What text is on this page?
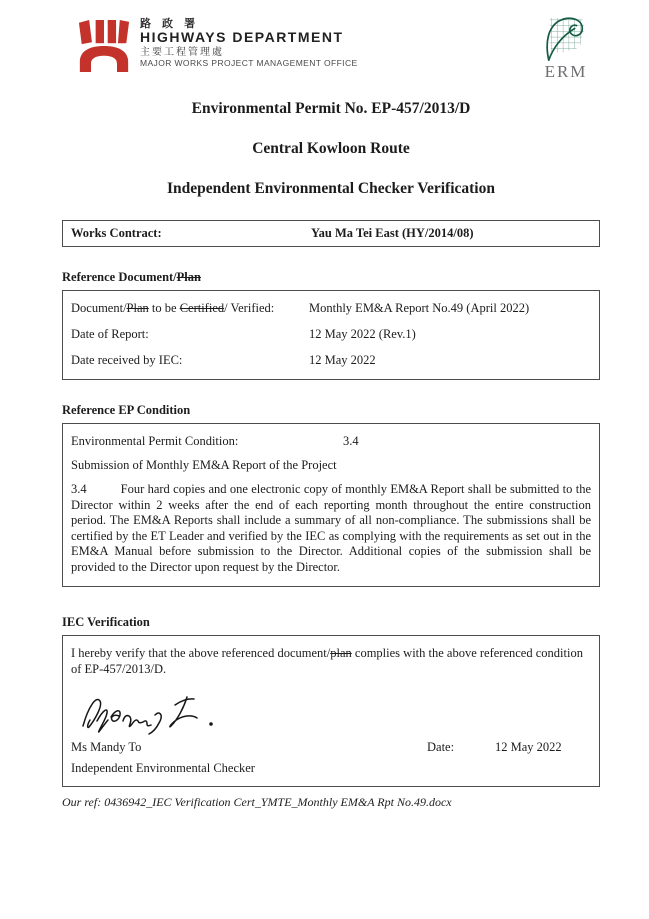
路 政 署
HIGHWAYS DEPARTMENT
主要工程管理處
MAJOR WORKS PROJECT MANAGEMENT OFFICE	ERM
Environmental Permit No. EP-457/2013/D
Central Kowloon Route
Independent Environmental Checker Verification
Works Contract:	Yau Ma Tei East (HY/2014/08)
Reference Document/Plan
Document/Plan to be Certified/ Verified:	Monthly EM&A Report No.49 (April 2022)
Date of Report:	12 May 2022 (Rev.1)
Date received by IEC:	12 May 2022
Reference EP Condition
Environmental Permit Condition:	3.4
Submission of Monthly EM&A Report of the Project
3.4	Four hard copies and one electronic copy of monthly EM&A Report shall be submitted to the Director within 2 weeks after the end of each reporting month throughout the entire construction period. The EM&A Reports shall include a summary of all non-compliance. The submissions shall be certified by the ET Leader and verified by the IEC as complying with the requirements as set out in the EM&A Manual before submission to the Director. Additional copies of the submission shall be provided to the Director upon request by the Director.
IEC Verification
I hereby verify that the above referenced document/plan complies with the above referenced condition of EP-457/2013/D.
Ms Mandy To	Date:	12 May 2022
Independent Environmental Checker
Our ref: 0436942_IEC Verification Cert_YMTE_Monthly EM&A Rpt No.49.docx
